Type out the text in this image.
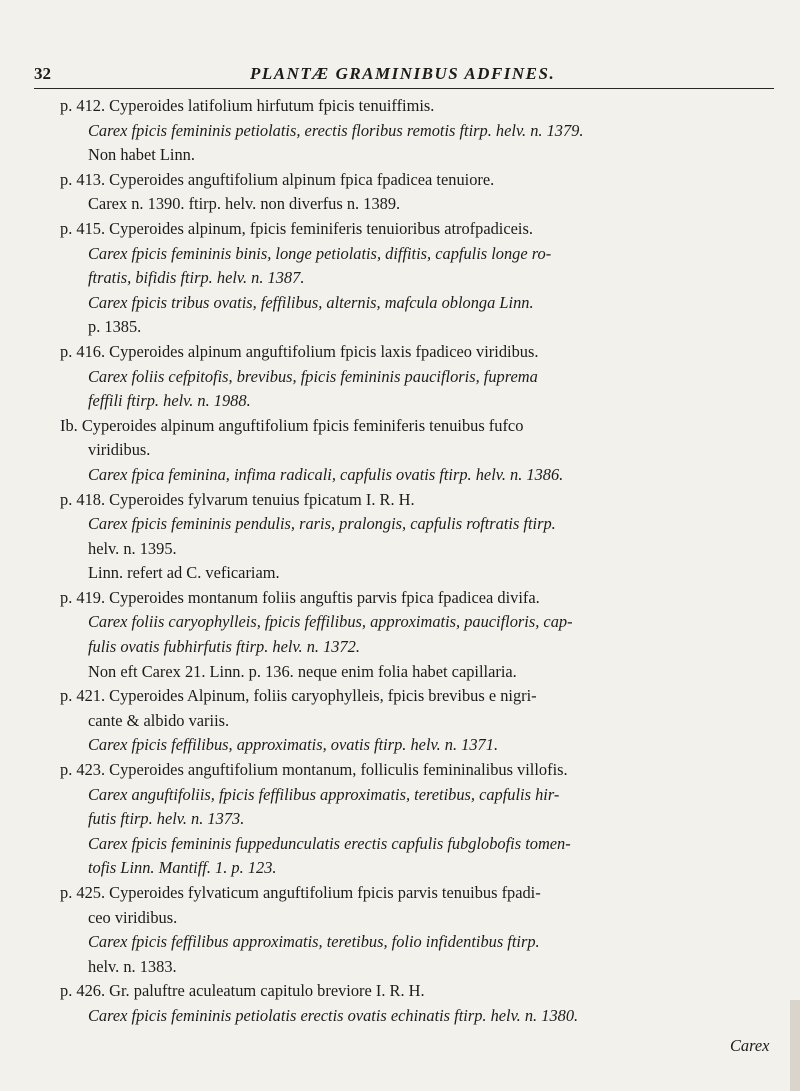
32	PLANTÆ GRAMINIBUS ADFINES.
p. 412. Cyperoides latifolium hirfutum fpicis tenuiffimis.
Carex fpicis femininis petiolatis, erectis floribus remotis ftirp. helv. n. 1379.
Non habet Linn.
p. 413. Cyperoides anguftifolium alpinum fpica fpadicea tenuiore.
Carex n. 1390. ftirp. helv. non diverfus n. 1389.
p. 415. Cyperoides alpinum, fpicis feminiferis tenuioribus atrofpadiceis.
Carex fpicis femininis binis, longe petiolatis, diffitis, capfulis longe ro-
ftratis, bifidis ftirp. helv. n. 1387.
Carex fpicis tribus ovatis, feffilibus, alternis, mafcula oblonga Linn.
p. 1385.
p. 416. Cyperoides alpinum anguftifolium fpicis laxis fpadiceo viridibus.
Carex foliis cefpitofis, brevibus, fpicis femininis paucifloris, fuprema
feffili ftirp. helv. n. 1988.
Ib. Cyperoides alpinum anguftifolium fpicis feminiferis tenuibus fufco
viridibus.
Carex fpica feminina, infima radicali, capfulis ovatis ftirp. helv. n. 1386.
p. 418. Cyperoides fylvarum tenuius fpicatum I. R. H.
Carex fpicis femininis pendulis, raris, pralongis, capfulis roftratis ftirp.
helv. n. 1395.
Linn. refert ad C. veficariam.
p. 419. Cyperoides montanum foliis anguftis parvis fpica fpadicea divifa.
Carex foliis caryophylleis, fpicis feffilibus, approximatis, paucifloris, cap-
fulis ovatis fubhirfutis ftirp. helv. n. 1372.
Non eft Carex 21. Linn. p. 136. neque enim folia habet capillaria.
p. 421. Cyperoides Alpinum, foliis caryophylleis, fpicis brevibus e nigri-
cante & albido variis.
Carex fpicis feffilibus, approximatis, ovatis ftirp. helv. n. 1371.
p. 423. Cyperoides anguftifolium montanum, folliculis femininalibus villofis.
Carex anguftifoliis, fpicis feffilibus approximatis, teretibus, capfulis hir-
futis ftirp. helv. n. 1373.
Carex fpicis femininis fuppedunculatis erectis capfulis fubglobofis tomen-
tofis Linn. Mantiff. 1. p. 123.
p. 425. Cyperoides fylvaticum anguftifolium fpicis parvis tenuibus fpadi-
ceo viridibus.
Carex fpicis feffilibus approximatis, teretibus, folio infidentibus ftirp.
helv. n. 1383.
p. 426. Gr. paluftre aculeatum capitulo breviore I. R. H.
Carex fpicis femininis petiolatis erectis ovatis echinatis ftirp. helv. n. 1380.
Carex
